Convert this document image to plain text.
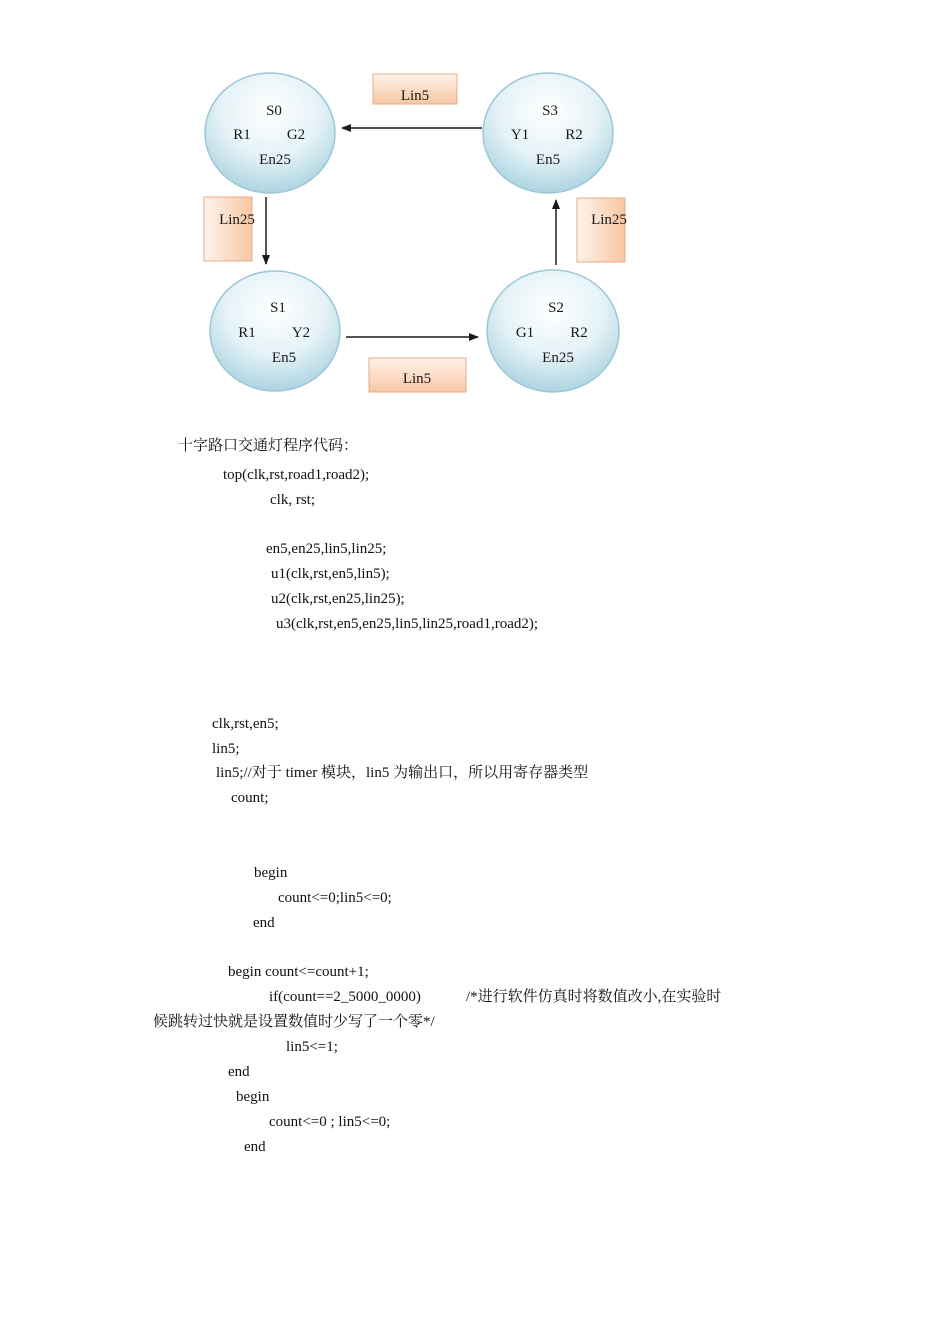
S0
R1 G2
En25
S3
Y1 R2
En5
S1
R1 Y2
En5
S2
G1 R2
En25
Lin5
Lin25
Lin5
Lin25
十字路口交通灯程序代码：
top(clk,rst,road1,road2);
clk, rst;
en5,en25,lin5,lin25;
u1(clk,rst,en5,lin5);
u2(clk,rst,en25,lin25);
u3(clk,rst,en5,en25,lin5,lin25,road1,road2);
clk,rst,en5;
lin5;
lin5;//对于 timer 模块，lin5 为输出口，所以用寄存器类型
count;
begin
count<=0;lin5<=0;
end
begin count<=count+1;
if(count==2_5000_0000)	/*进行软件仿真时将数值改小,在实验时
候跳转过快就是设置数值时少写了一个零*/
lin5<=1;
end
begin
count<=0 ; lin5<=0;
end
